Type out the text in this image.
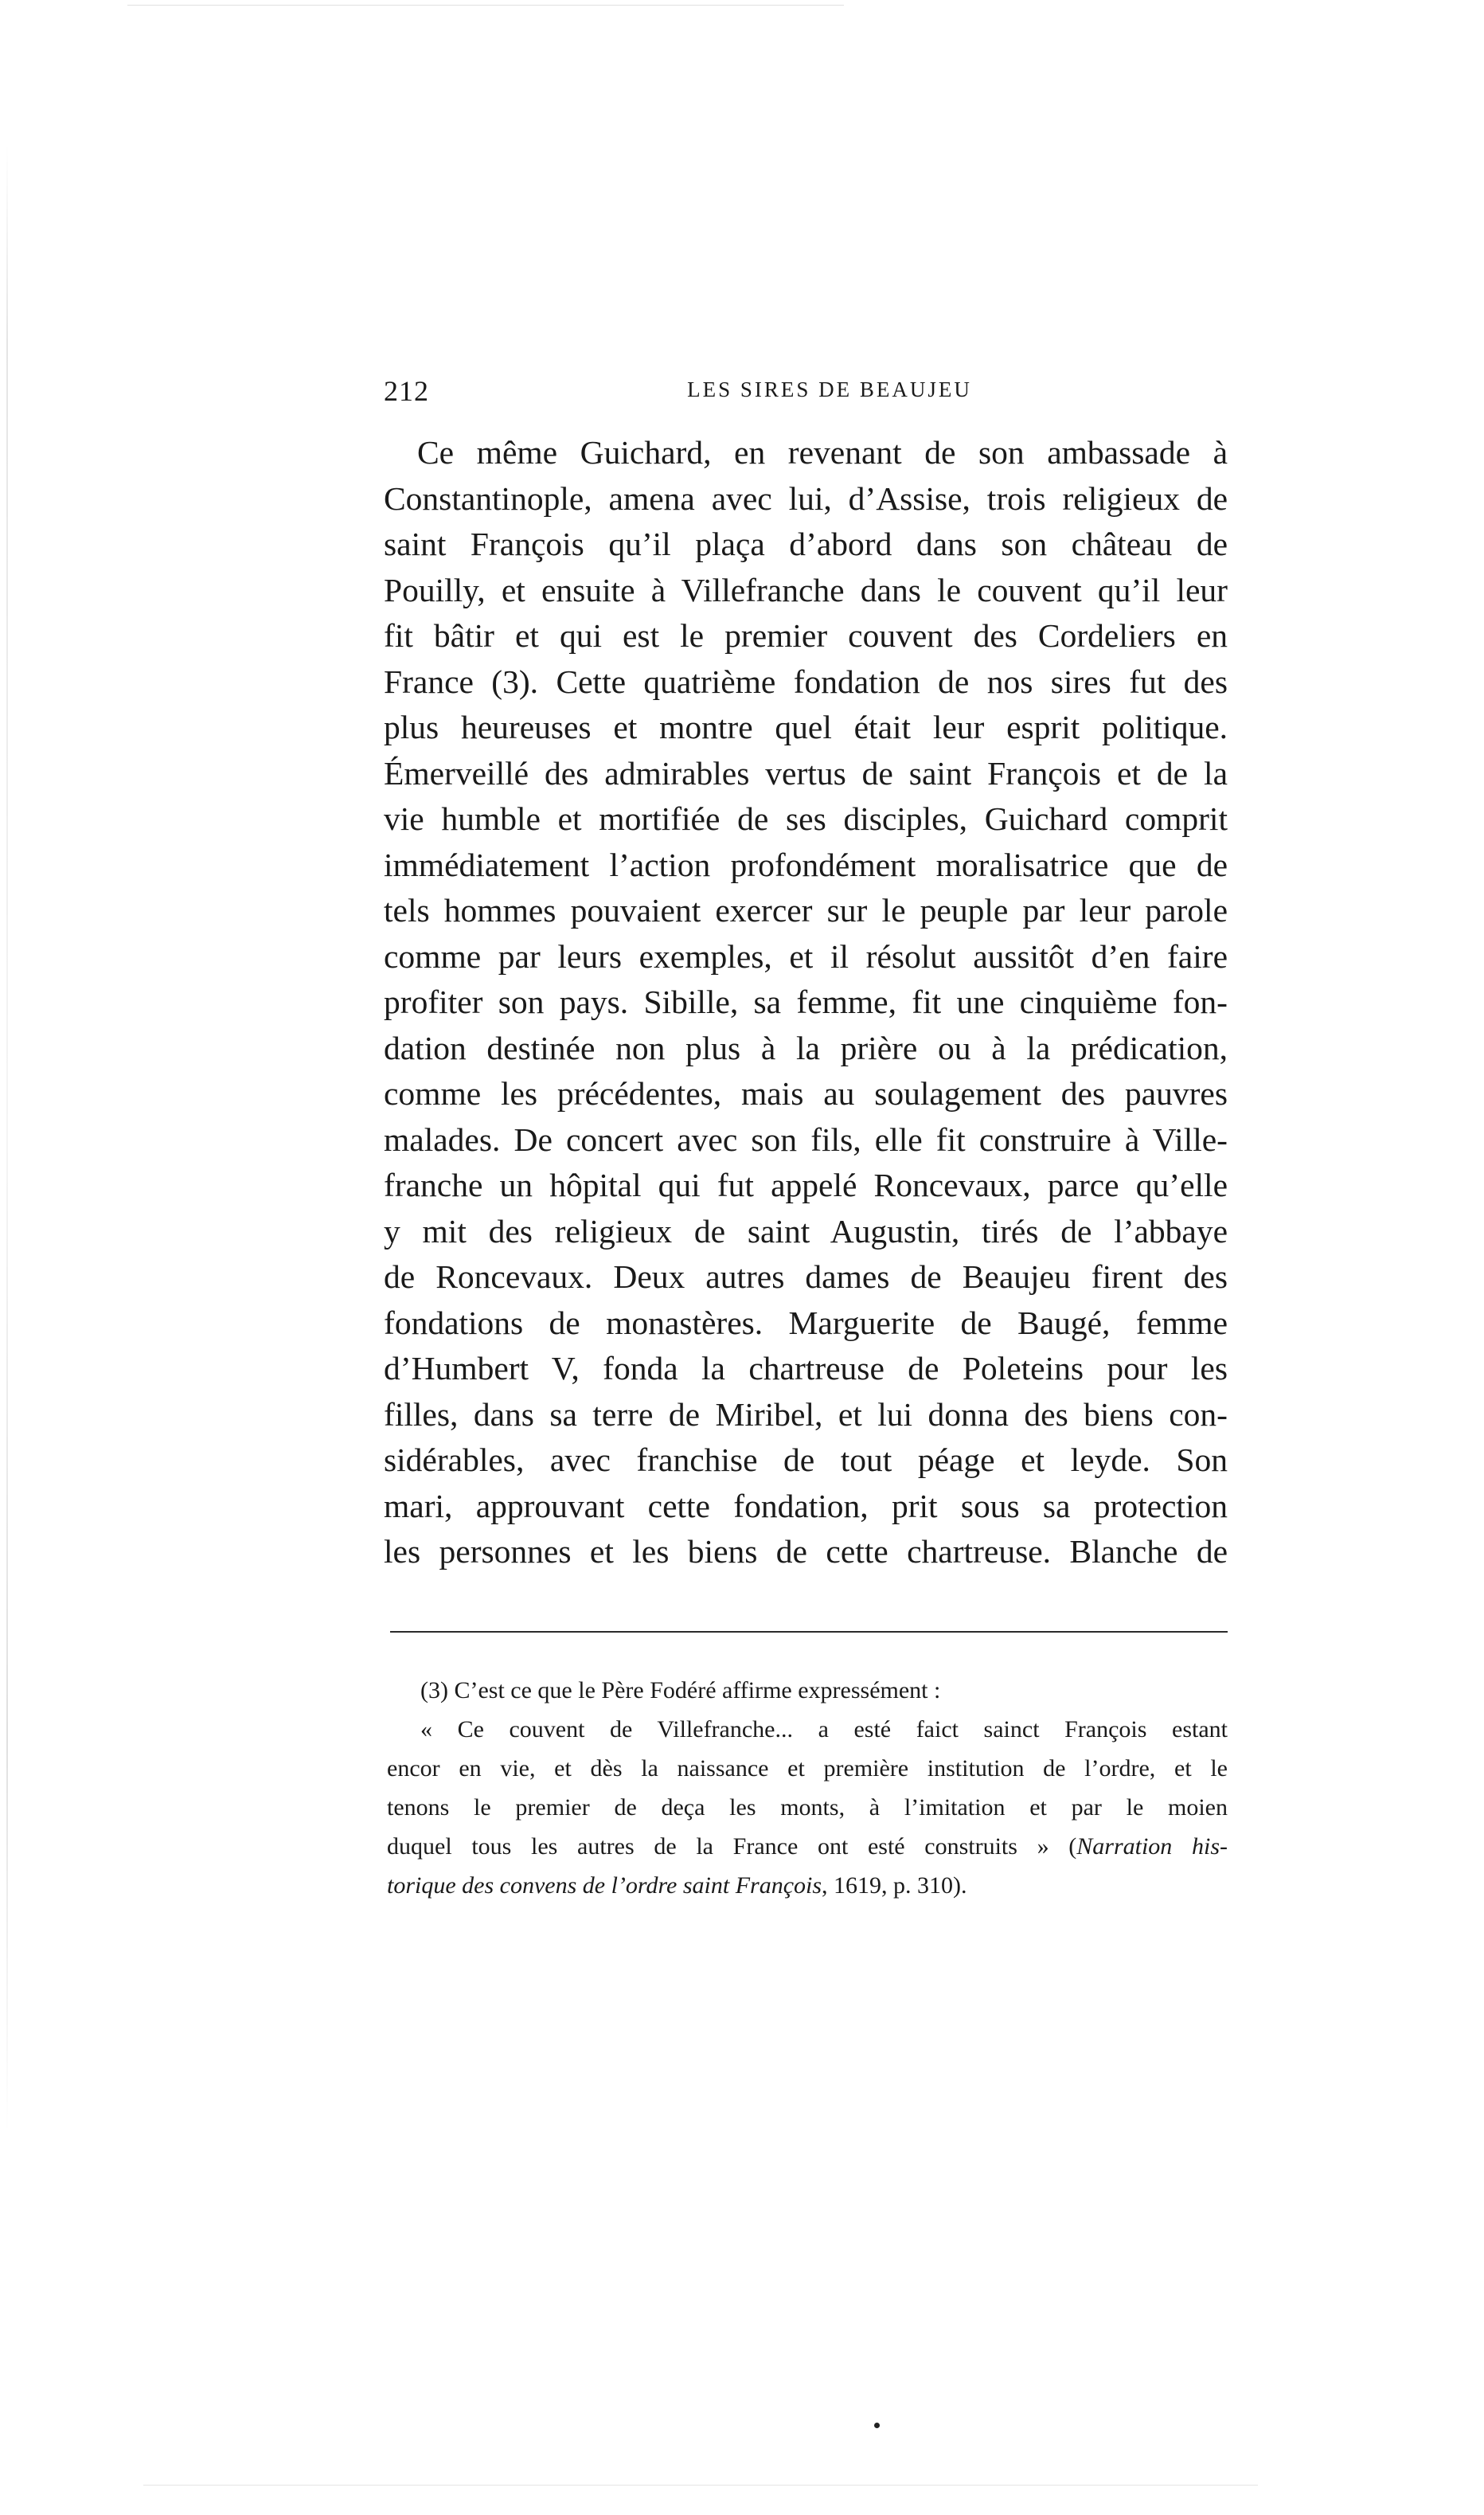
212	LES SIRES DE BEAUJEU
Ce même Guichard, en revenant de son ambassade à
Constantinople, amena avec lui, d’Assise, trois religieux de
saint François qu’il plaça d’abord dans son château de
Pouilly, et ensuite à Villefranche dans le couvent qu’il leur
fit bâtir et qui est le premier couvent des Cordeliers en
France (3). Cette quatrième fondation de nos sires fut des
plus heureuses et montre quel était leur esprit politique.
Émerveillé des admirables vertus de saint François et de la
vie humble et mortifiée de ses disciples, Guichard comprit
immédiatement l’action profondément moralisatrice que de
tels hommes pouvaient exercer sur le peuple par leur parole
comme par leurs exemples, et il résolut aussitôt d’en faire
profiter son pays. Sibille, sa femme, fit une cinquième fon-
dation destinée non plus à la prière ou à la prédication,
comme les précédentes, mais au soulagement des pauvres
malades. De concert avec son fils, elle fit construire à Ville-
franche un hôpital qui fut appelé Roncevaux, parce qu’elle
y mit des religieux de saint Augustin, tirés de l’abbaye
de Roncevaux. Deux autres dames de Beaujeu firent des
fondations de monastères. Marguerite de Baugé, femme
d’Humbert V, fonda la chartreuse de Poleteins pour les
filles, dans sa terre de Miribel, et lui donna des biens con-
sidérables, avec franchise de tout péage et leyde. Son
mari, approuvant cette fondation, prit sous sa protection
les personnes et les biens de cette chartreuse. Blanche de
(3) C’est ce que le Père Fodéré affirme expressément :
« Ce couvent de Villefranche... a esté faict sainct François estant
encor en vie, et dès la naissance et première institution de l’ordre, et le
tenons le premier de deça les monts, à l’imitation et par le moien
duquel tous les autres de la France ont esté construits » (Narration his-
torique des convens de l’ordre saint François, 1619, p. 310).
